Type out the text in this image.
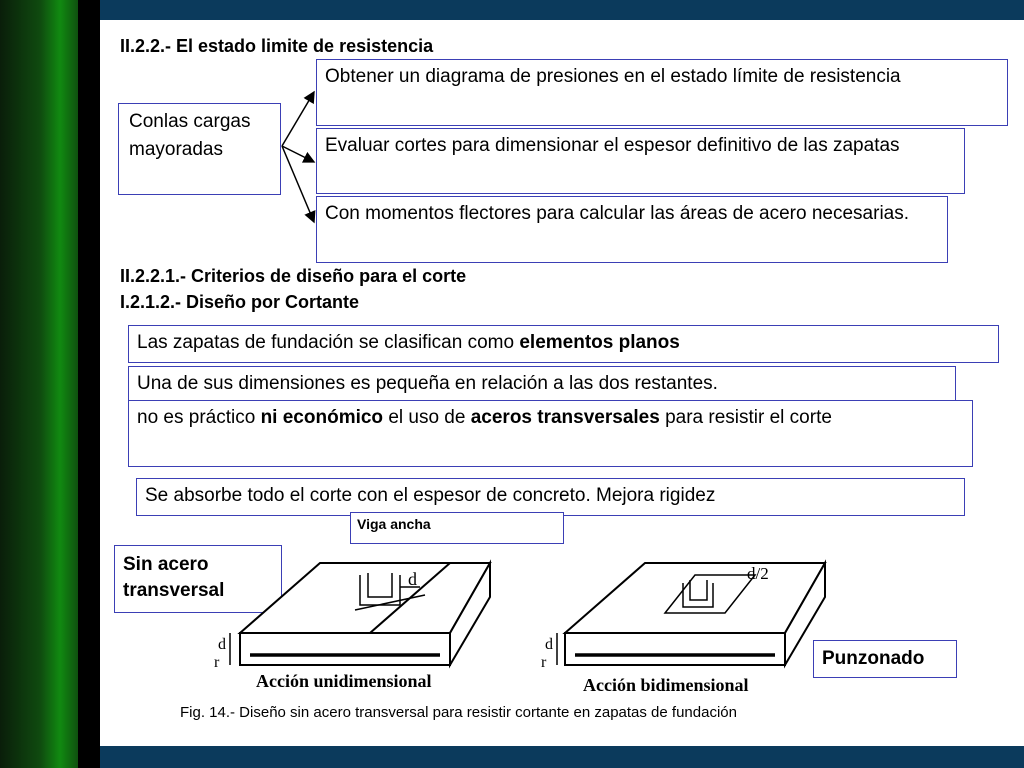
II.2.2.- El estado limite de resistencia
Conlas cargas mayoradas
Obtener un diagrama de presiones en el estado límite de resistencia
Evaluar cortes para dimensionar el espesor definitivo de las zapatas
Con momentos flectores para calcular las áreas de acero necesarias.
II.2.2.1.- Criterios de diseño para el corte
I.2.1.2.- Diseño por Cortante
Las zapatas de fundación se clasifican como elementos planos
Una de sus dimensiones es pequeña en relación a las dos restantes.
no es práctico ni económico el uso de aceros transversales para resistir el corte
Se absorbe todo el corte con el espesor de concreto. Mejora rigidez
Viga ancha
Sin acero transversal
Punzonado
d
d
r
Acción unidimensional
d/2
d
r
Acción bidimensional
Fig. 14.- Diseño sin acero transversal para resistir cortante en zapatas de fundación
